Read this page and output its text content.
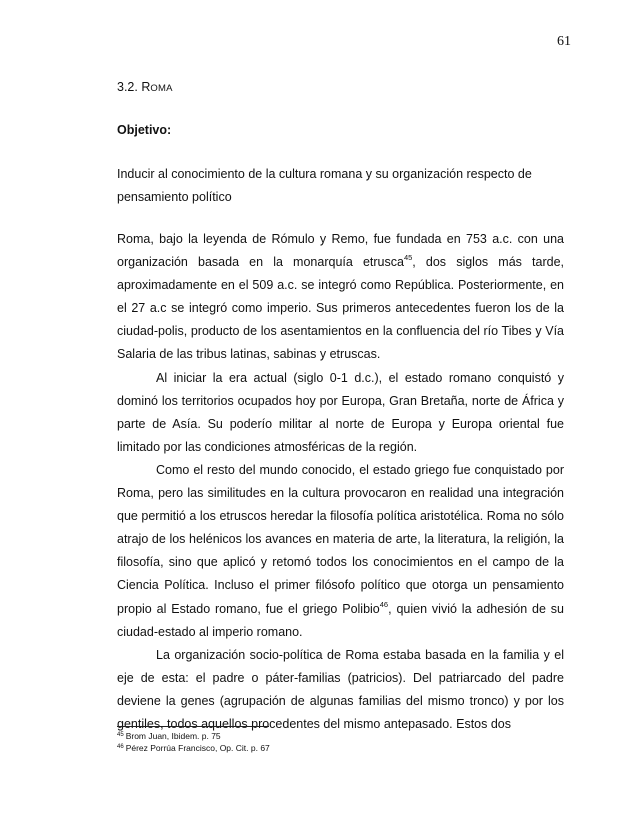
61
3.2. ROMA
Objetivo:

Inducir al conocimiento de la cultura romana y su organización respecto de pensamiento político

Roma, bajo la leyenda de Rómulo y Remo, fue fundada en 753 a.c. con una organización basada en la monarquía etrusca$^{45}$, dos siglos más tarde, aproximadamente en el 509 a.c. se integró como República. Posteriormente, en el 27 a.c se integró como imperio. Sus primeros antecedentes fueron los de la ciudad-polis, producto de los asentamientos en la confluencia del río Tibes y Vía Salaria de las tribus latinas, sabinas y etruscas.

Al iniciar la era actual (siglo 0-1 d.c.), el estado romano conquistó y dominó los territorios ocupados hoy por Europa, Gran Bretaña, norte de África y parte de Asía. Su poderío militar al norte de Europa y Europa oriental fue limitado por las condiciones atmosféricas de la región.

Como el resto del mundo conocido, el estado griego fue conquistado por Roma, pero las similitudes en la cultura provocaron en realidad una integración que permitió a los etruscos heredar la filosofía política aristotélica. Roma no sólo atrajo de los helénicos los avances en materia de arte, la literatura, la religión, la filosofía, sino que aplicó y retomó todos los conocimientos en el campo de la Ciencia Política. Incluso el primer filósofo político que otorga un pensamiento propio al Estado romano, fue el griego Polibio$^{46}$, quien vivió la adhesión de su ciudad-estado al imperio romano.

La organización socio-política de Roma estaba basada en la familia y el eje de esta: el padre o páter-familias (patricios). Del patriarcado del padre deviene la genes (agrupación de algunas familias del mismo tronco) y por los gentiles, todos aquellos procedentes del mismo antepasado. Estos dos

$^{45}$ Brom Juan, Ibidem. p. 75
$^{46}$ Pérez Porrúa Francisco, Op. Cit. p. 67
